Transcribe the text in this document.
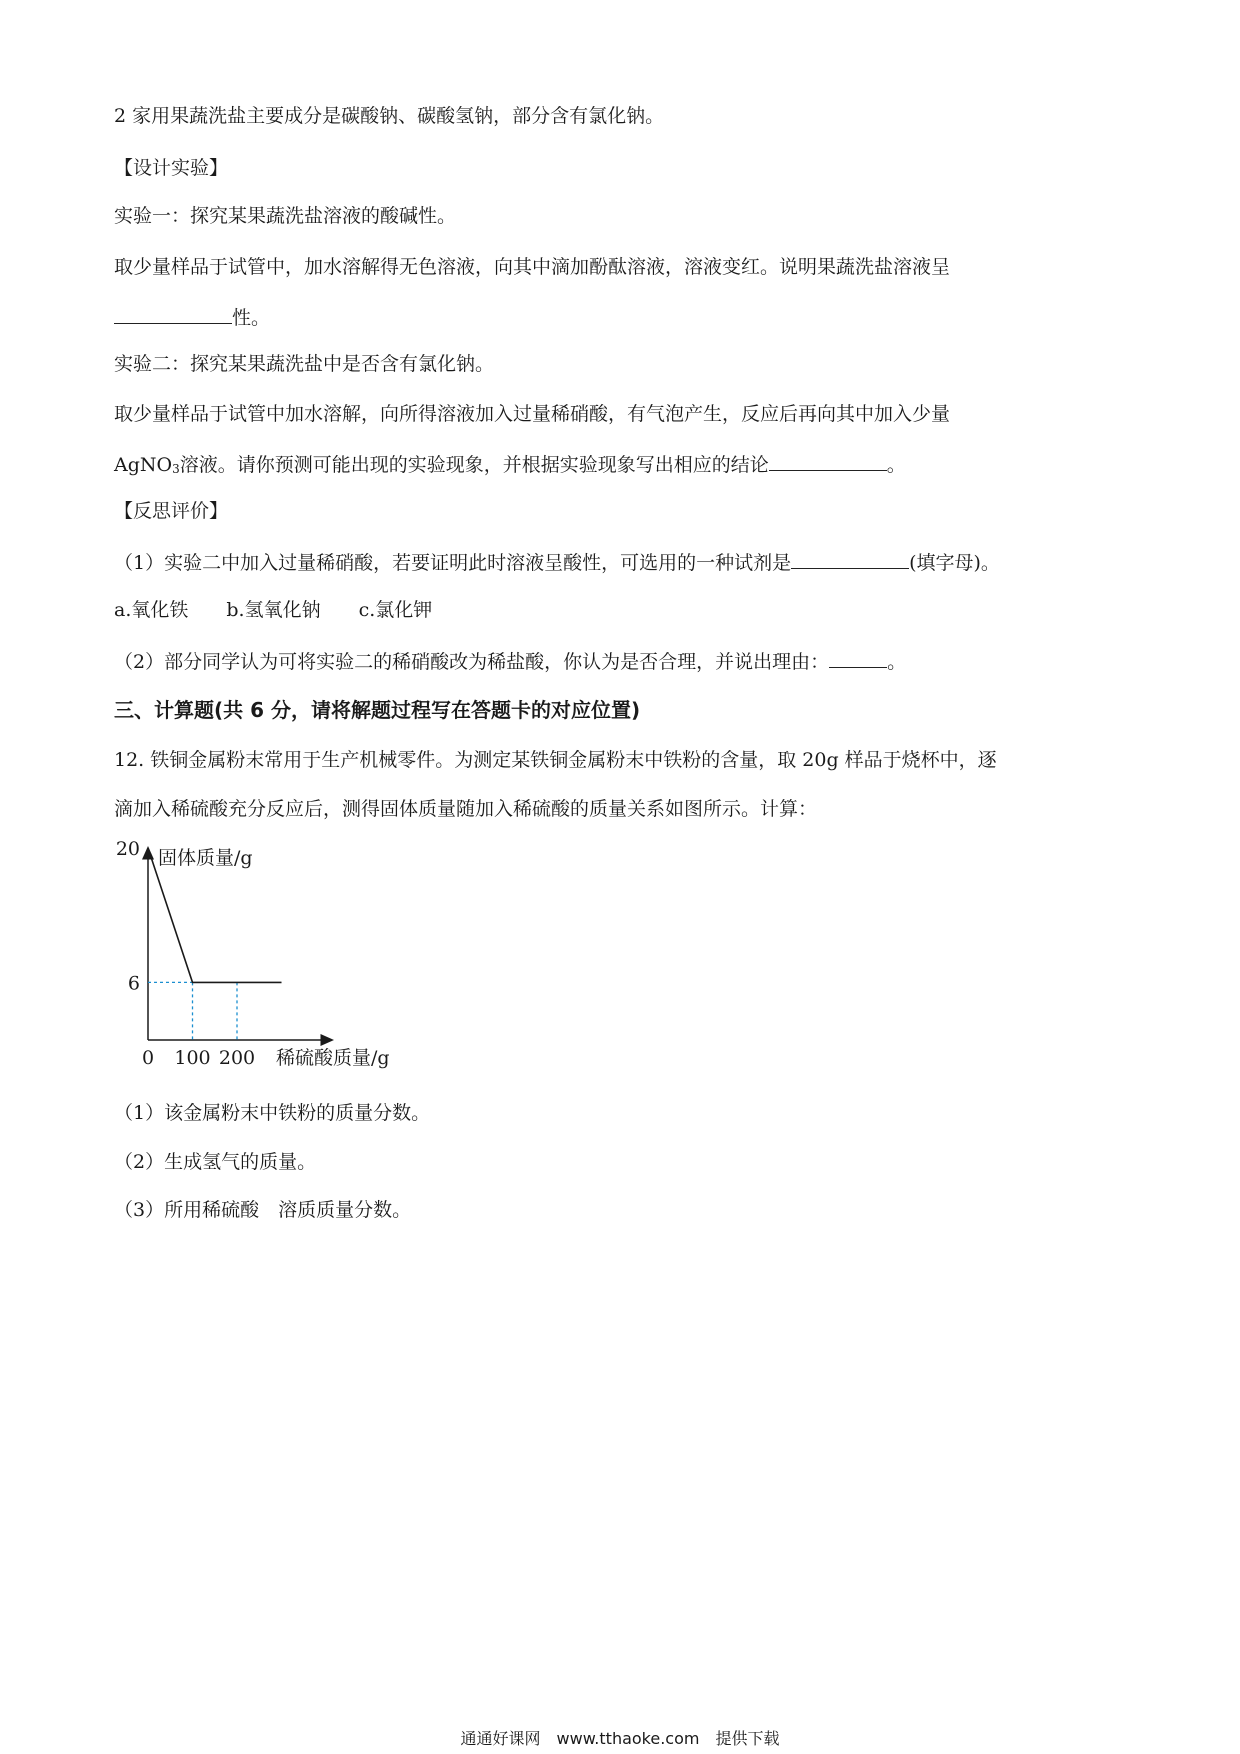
2 家用果蔬洗盐主要成分是碳酸钠、碳酸氢钠，部分含有氯化钠。
【设计实验】
实验一：探究某果蔬洗盐溶液的酸碱性。
取少量样品于试管中，加水溶解得无色溶液，向其中滴加酚酞溶液，溶液变红。说明果蔬洗盐溶液呈
性。
实验二：探究某果蔬洗盐中是否含有氯化钠。
取少量样品于试管中加水溶解，向所得溶液加入过量稀硝酸，有气泡产生，反应后再向其中加入少量
AgNO$_3$溶液。请你预测可能出现的实验现象，并根据实验现象写出相应的结论	。
【反思评价】
（1）实验二中加入过量稀硝酸，若要证明此时溶液呈酸性，可选用的一种试剂是	(填字母)。
a.氧化铁 b.氢氧化钠 c.氯化钾
（2）部分同学认为可将实验二的稀硝酸改为稀盐酸，你认为是否合理，并说出理由：	。
三、计算题(共 6 分，请将解题过程写在答题卡的对应位置)
12. 铁铜金属粉末常用于生产机械零件。为测定某铁铜金属粉末中铁粉的含量，取 20g 样品于烧杯中，逐
滴加入稀硫酸充分反应后，测得固体质量随加入稀硫酸的质量关系如图所示。计算：
固体质量/g
稀硫酸质量/g
0 100 200
6
20
（1）该金属粉末中铁粉的质量分数。
（2）生成氢气的质量。
（3）所用稀硫酸　溶质质量分数。
通通好课网　www.tthaoke.com　提供下载
